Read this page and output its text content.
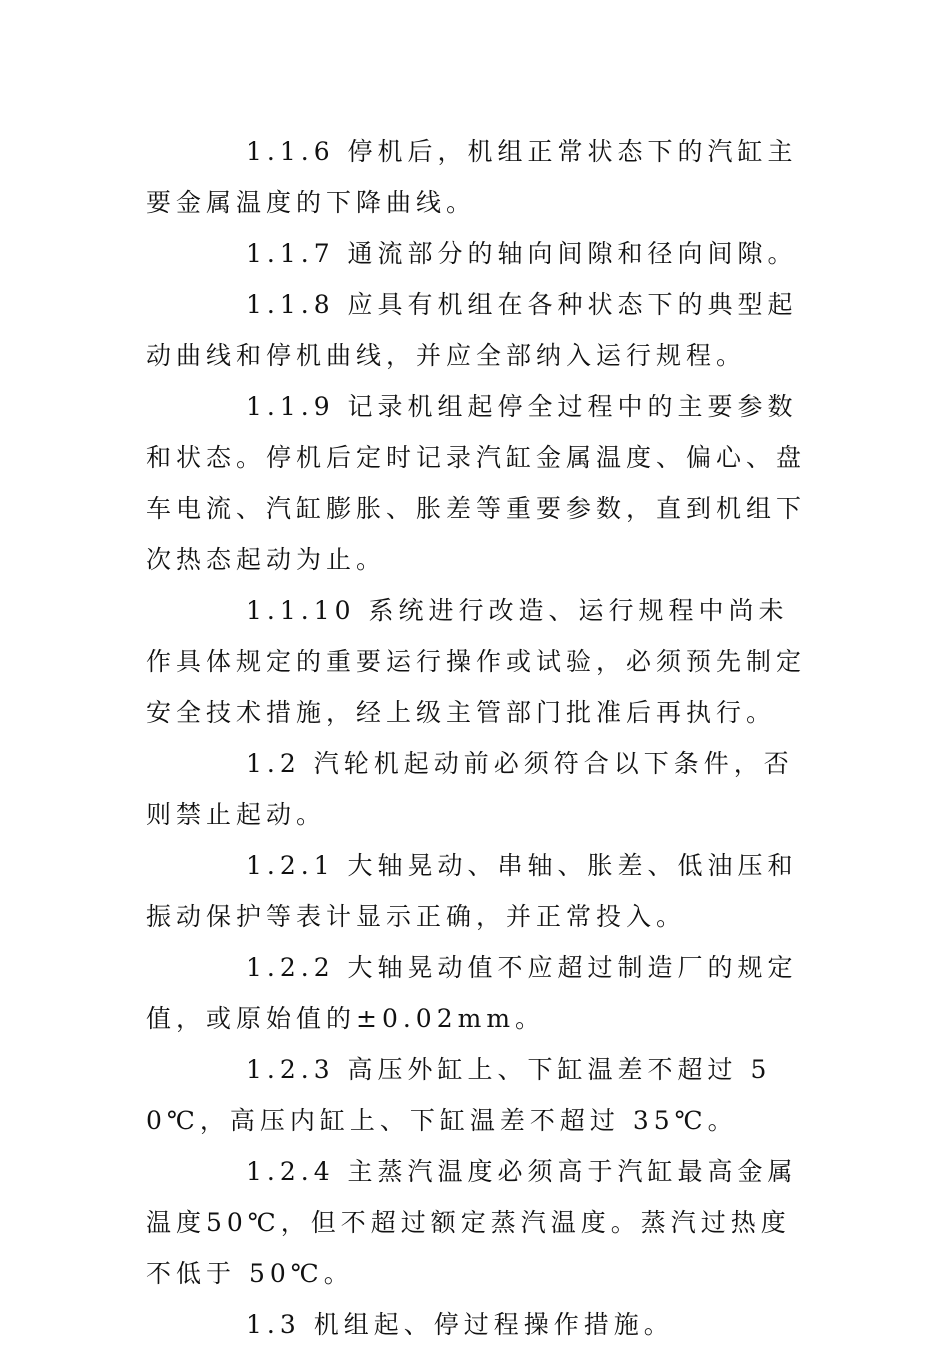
1.1.6 停机后，机组正常状态下的汽缸主要金属温度的下降曲线。

1.1.7 通流部分的轴向间隙和径向间隙。

1.1.8 应具有机组在各种状态下的典型起动曲线和停机曲线，并应全部纳入运行规程。

1.1.9 记录机组起停全过程中的主要参数和状态。停机后定时记录汽缸金属温度、偏心、盘车电流、汽缸膨胀、胀差等重要参数，直到机组下次热态起动为止。

1.1.10 系统进行改造、运行规程中尚未作具体规定的重要运行操作或试验，必须预先制定安全技术措施，经上级主管部门批准后再执行。

1.2 汽轮机起动前必须符合以下条件，否则禁止起动。

1.2.1 大轴晃动、串轴、胀差、低油压和振动保护等表计显示正确，并正常投入。

1.2.2 大轴晃动值不应超过制造厂的规定值，或原始值的±0.02mm。

1.2.3 高压外缸上、下缸温差不超过 50℃，高压内缸上、下缸温差不超过 35℃。

1.2.4 主蒸汽温度必须高于汽缸最高金属温度50℃，但不超过额定蒸汽温度。蒸汽过热度不低于 50℃。

1.3 机组起、停过程操作措施。
